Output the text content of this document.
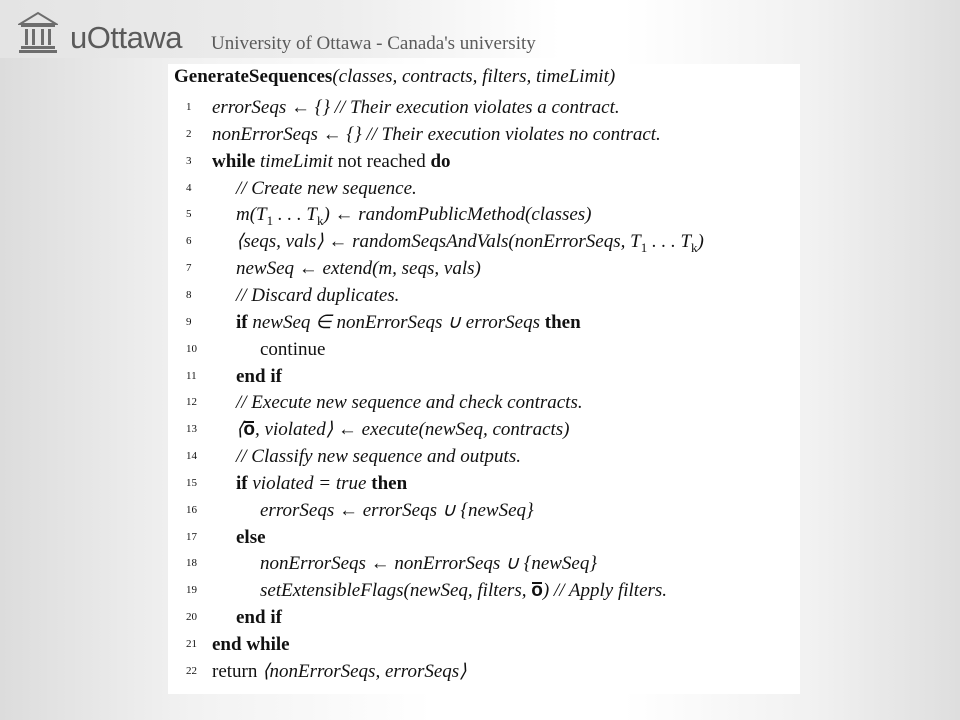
uOttawa University of Ottawa - Canada's university
GenerateSequences(classes, contracts, filters, timeLimit)
1	errorSeqs ← {} // Their execution violates a contract.
2	nonErrorSeqs ← {} // Their execution violates no contract.
3	while timeLimit not reached do
4	// Create new sequence.
5	$m(T_1$ . . . $T_k$) ← randomPublicMethod(classes)
6	⟨seqs, vals⟩ ← randomSeqsAndVals(nonErrorSeqs, $T_1$ . . . $T_k$)
7	newSeq ← extend(m, seqs, vals)
8	// Discard duplicates.
9	if newSeq ∈ nonErrorSeqs ∪ errorSeqs then
10	continue
11 end if
12 // Execute new sequence and check contracts.
13 ⟨o, violated⟩ ← execute(newSeq, contracts)
14 // Classify new sequence and outputs.
15 if violated = true then
16	errorSeqs ← errorSeqs ∪ {newSeq}
17 else
18	nonErrorSeqs ← nonErrorSeqs ∪ {newSeq}
19	setExtensibleFlags(newSeq, filters, o) // Apply filters.
20 end if
21 end while
22 return ⟨nonErrorSeqs, errorSeqs⟩
